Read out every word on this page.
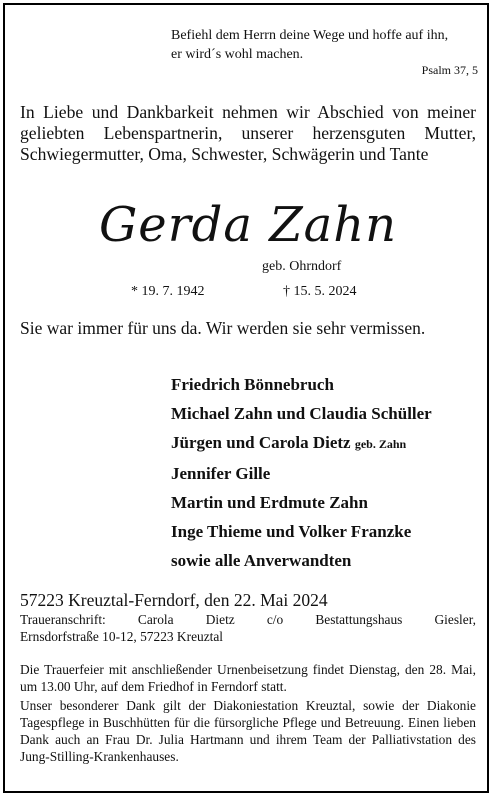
Befiehl dem Herrn deine Wege und hoffe auf ihn,
er wird´s wohl machen.
Psalm 37, 5
In Liebe und Dankbarkeit nehmen wir Abschied von meiner geliebten Lebenspartnerin, unserer herzensguten Mutter, Schwiegermutter, Oma, Schwester, Schwägerin und Tante
Gerda Zahn
geb. Ohrndorf
* 19. 7. 1942	† 15. 5. 2024
Sie war immer für uns da. Wir werden sie sehr vermissen.
Friedrich Bönnebruch
Michael Zahn und Claudia Schüller
Jürgen und Carola Dietz geb. Zahn
Jennifer Gille
Martin und Erdmute Zahn
Inge Thieme und Volker Franzke
sowie alle Anverwandten
57223 Kreuztal-Ferndorf, den 22. Mai 2024
Traueranschrift: Carola Dietz c/o Bestattungshaus Giesler,
Ernsdorfstraße 10-12, 57223 Kreuztal
Die Trauerfeier mit anschließender Urnenbeisetzung findet Dienstag, den 28. Mai, um 13.00 Uhr, auf dem Friedhof in Ferndorf statt.
Unser besonderer Dank gilt der Diakoniestation Kreuztal, sowie der Diakonie Tagespflege in Buschhütten für die fürsorgliche Pflege und Betreuung. Einen lieben Dank auch an Frau Dr. Julia Hartmann und ihrem Team der Palliativstation des Jung-Stilling-Krankenhauses.
